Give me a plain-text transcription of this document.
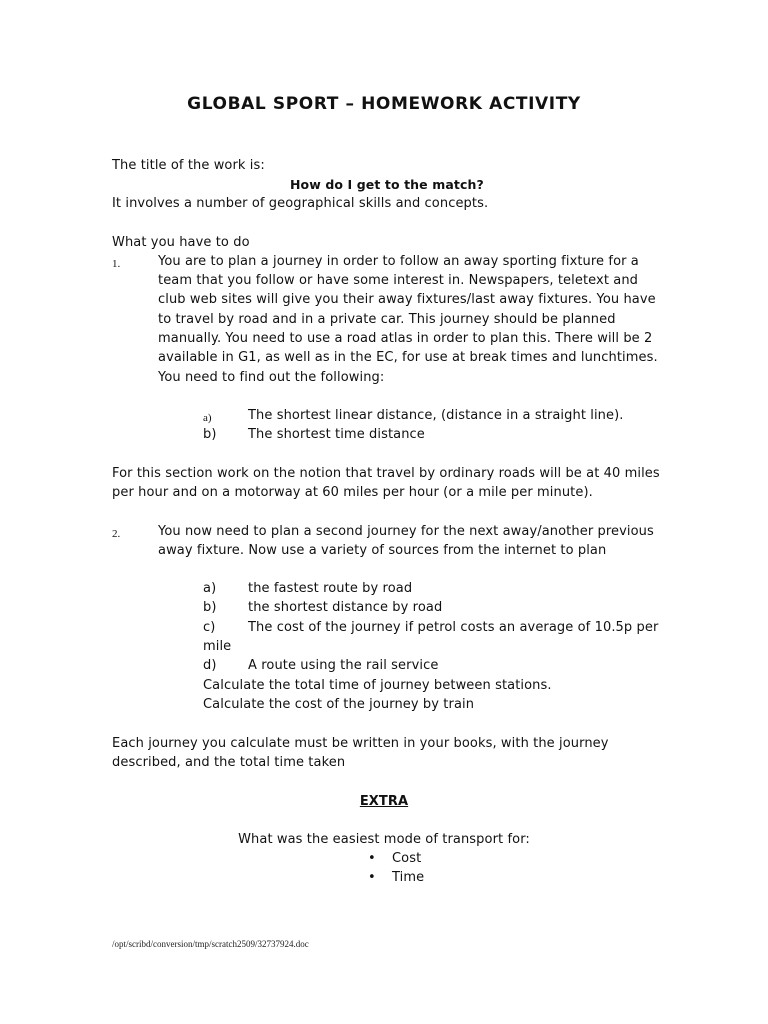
GLOBAL SPORT – HOMEWORK ACTIVITY
The title of the work is:
How do I get to the match?
It involves a number of geographical skills and concepts.
What you have to do
1.	You are to plan a journey in order to follow an away sporting fixture for a
team that you follow or have some interest in. Newspapers, teletext and
club web sites will give you their away fixtures/last away fixtures. You have
to travel by road and in a private car. This journey should be planned
manually. You need to use a road atlas in order to plan this. There will be 2
available in G1, as well as in the EC, for use at break times and lunchtimes.
You need to find out the following:
a)	The shortest linear distance, (distance in a straight line).
b) The shortest time distance
For this section work on the notion that travel by ordinary roads will be at 40 miles
per hour and on a motorway at 60 miles per hour (or a mile per minute).
2.	You now need to plan a second journey for the next away/another previous
away fixture. Now use a variety of sources from the internet to plan
a) the fastest route by road
b) the shortest distance by road
c)	The cost of the journey if petrol costs an average of 10.5p per
mile
d) A route using the rail service
Calculate the total time of journey between stations.
Calculate the cost of the journey by train
Each journey you calculate must be written in your books, with the journey
described, and the total time taken
EXTRA
What was the easiest mode of transport for:
• Cost
• Time
/opt/scribd/conversion/tmp/scratch2509/32737924.doc
